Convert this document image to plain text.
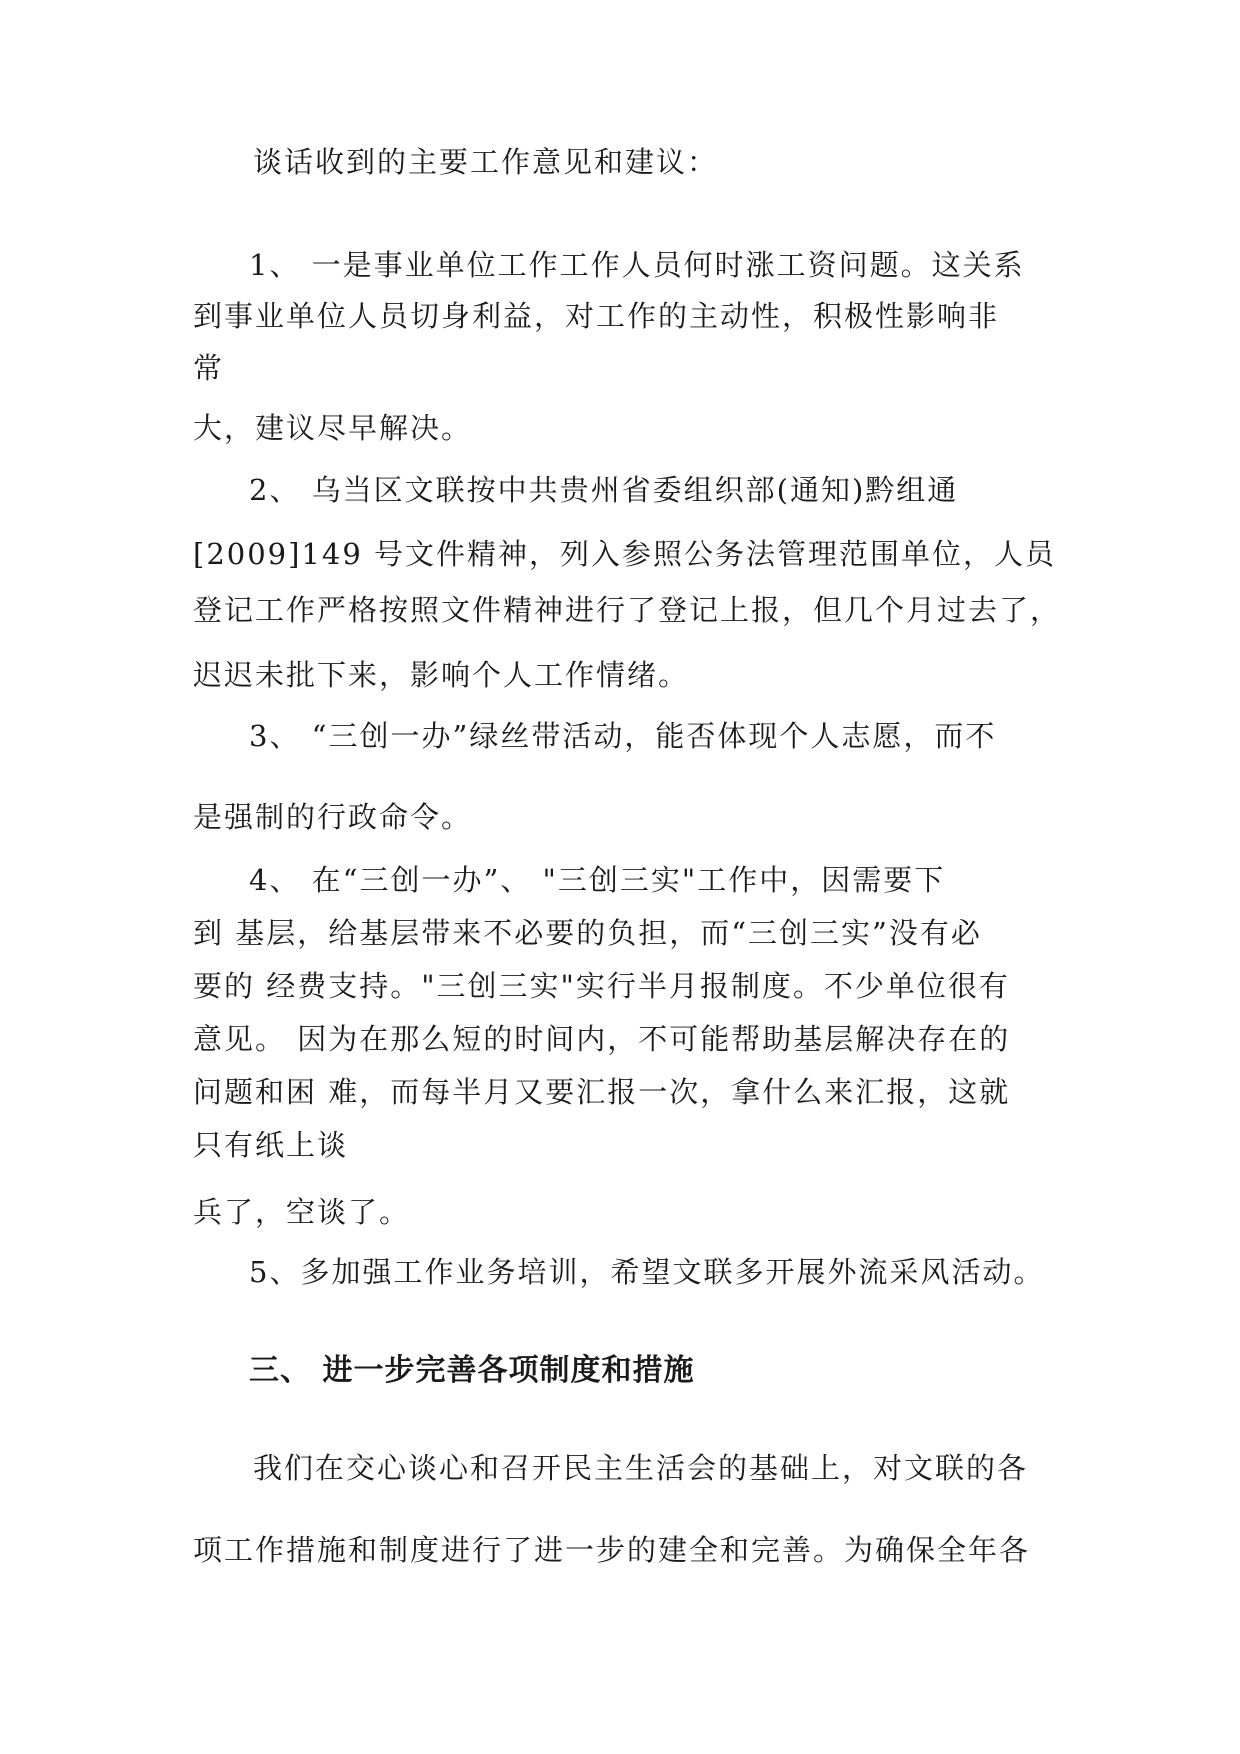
谈话收到的主要工作意见和建议：
1、 一是事业单位工作工作人员何时涨工资问题。这关系
到事业单位人员切身利益，对工作的主动性，积极性影响非
常
大，建议尽早解决。
2、 乌当区文联按中共贵州省委组织部(通知)黔组通
[2009]149 号文件精神，列入参照公务法管理范围单位，人员
登记工作严格按照文件精神进行了登记上报，但几个月过去了，
迟迟未批下来，影响个人工作情绪。
3、 “三创一办”绿丝带活动，能否体现个人志愿，而不
是强制的行政命令。
4、 在“三创一办”、 "三创三实"工作中，因需要下
到 基层，给基层带来不必要的负担，而“三创三实”没有必
要的 经费支持。"三创三实"实行半月报制度。不少单位很有
意见。 因为在那么短的时间内，不可能帮助基层解决存在的
问题和困 难，而每半月又要汇报一次，拿什么来汇报，这就
只有纸上谈
兵了，空谈了。
5、多加强工作业务培训，希望文联多开展外流采风活动。
三、 进一步完善各项制度和措施
我们在交心谈心和召开民主生活会的基础上，对文联的各
项工作措施和制度进行了进一步的建全和完善。为确保全年各
